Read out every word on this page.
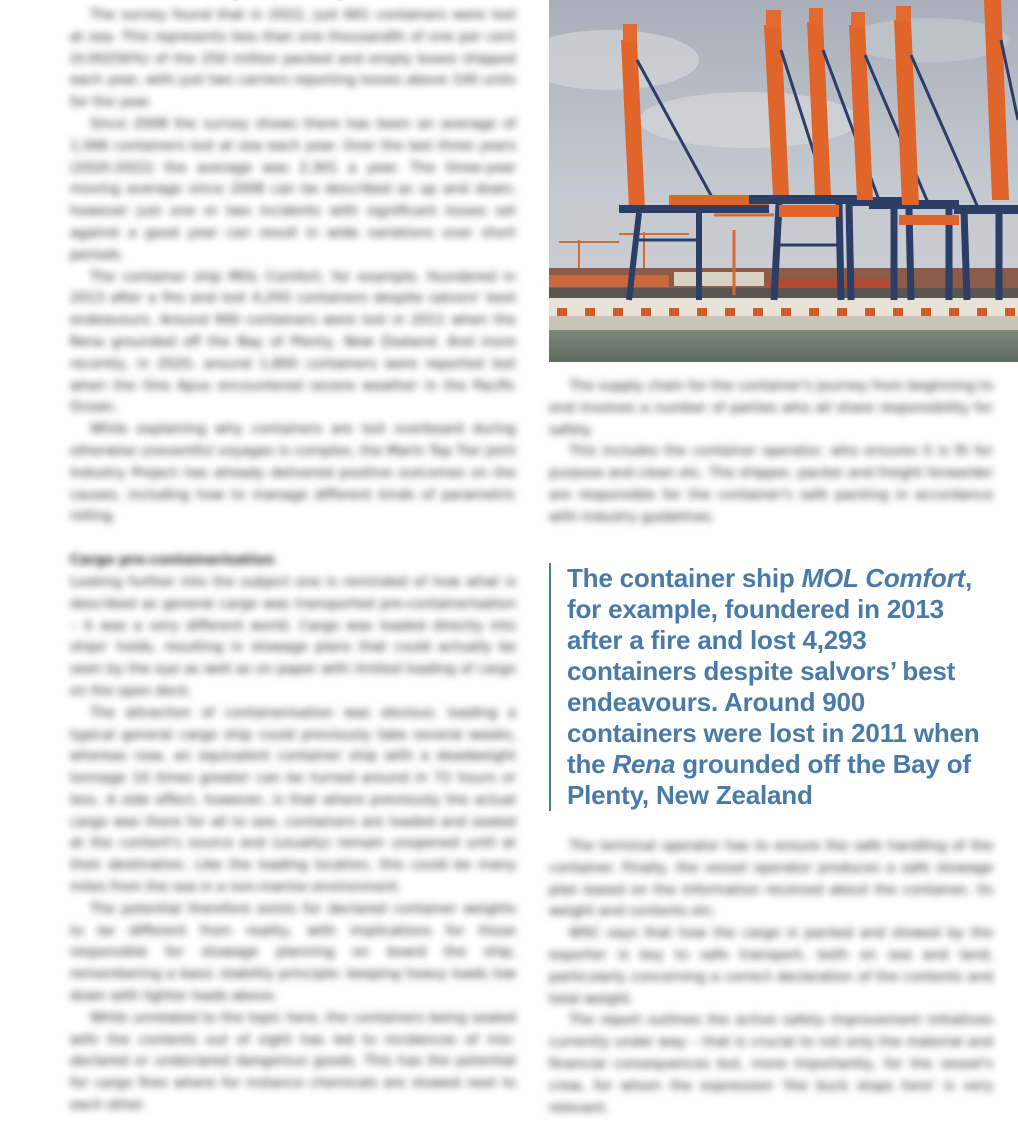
The survey found that in 2022, just 661 containers were lost at sea. This represents less than one thousandth of one per cent (0.00256%) of the 250 million packed and empty boxes shipped each year, with just two carriers reporting losses above 100 units for the year.

Since 2008 the survey shows there has been an average of 1,566 containers lost at sea each year. Over the last three years (2020-2022) the average was 2,301 a year. The three-year moving average since 2008 can be described as up and down; however just one or two incidents with significant losses set against a good year can result in wide variations over short periods.

The container ship MOL Comfort, for example, foundered in 2013 after a fire and lost 4,293 containers despite salvors' best endeavours. Around 900 containers were lost in 2011 when the Rena grounded off the Bay of Plenty, New Zealand. And more recently, in 2020, around 1,800 containers were reported lost when the One Apus encountered severe weather in the Pacific Ocean.

While explaining why containers are lost overboard during otherwise uneventful voyages is complex, the Marin Top Tier Joint Industry Project has already delivered positive outcomes on the causes, including how to manage different kinds of parametric rolling.

Cargo pre-containerisation

Looking further into the subject one is reminded of how what is described as general cargo was transported pre-containerisation – it was a very different world. Cargo was loaded directly into ships' holds, resulting in stowage plans that could actually be seen by the eye as well as on paper with limited loading of cargo on the open deck.

The attraction of containerisation was obvious: loading a typical general cargo ship could previously take several weeks, whereas now, an equivalent container ship with a deadweight tonnage 10 times greater can be turned around in 72 hours or less. A side effect, however, is that where previously the actual cargo was there for all to see, containers are loaded and sealed at the content's source and (usually) remain unopened until at their destination. Like the loading location, this could be many miles from the sea in a non-marine environment.

The potential therefore exists for declared container weights to be different from reality, with implications for those responsible for stowage planning on board the ship, remembering a basic stability principle: keeping heavy loads low down with lighter loads above.

While unrelated to the topic here, the containers being sealed with the contents out of sight has led to incidences of mis-declared or undeclared dangerous goods. This has the potential for cargo fires where for instance chemicals are stowed next to each other.

The supply chain for the container's journey from beginning to end involves a number of parties who all share responsibility for safety.

This includes the container operator, who ensures it is fit for purpose and clean etc. The shipper, packer and freight forwarder are responsible for the container's safe packing in accordance with industry guidelines.

The container ship MOL Comfort, for example, foundered in 2013 after a fire and lost 4,293 containers despite salvors’ best endeavours. Around 900 containers were lost in 2011 when the Rena grounded off the Bay of Plenty, New Zealand

The terminal operator has to ensure the safe handling of the container. Finally, the vessel operator produces a safe stowage plan based on the information received about the container, its weight and contents etc.

WSC says that how the cargo is packed and stowed by the exporter is key to safe transport, both on sea and land, particularly concerning a correct declaration of the contents and total weight.

The report outlines the active safety improvement initiatives currently under way – that is crucial to not only the material and financial consequences but, more importantly, for the vessel's crew, for whom the expression 'the buck stops here' is very relevant.
